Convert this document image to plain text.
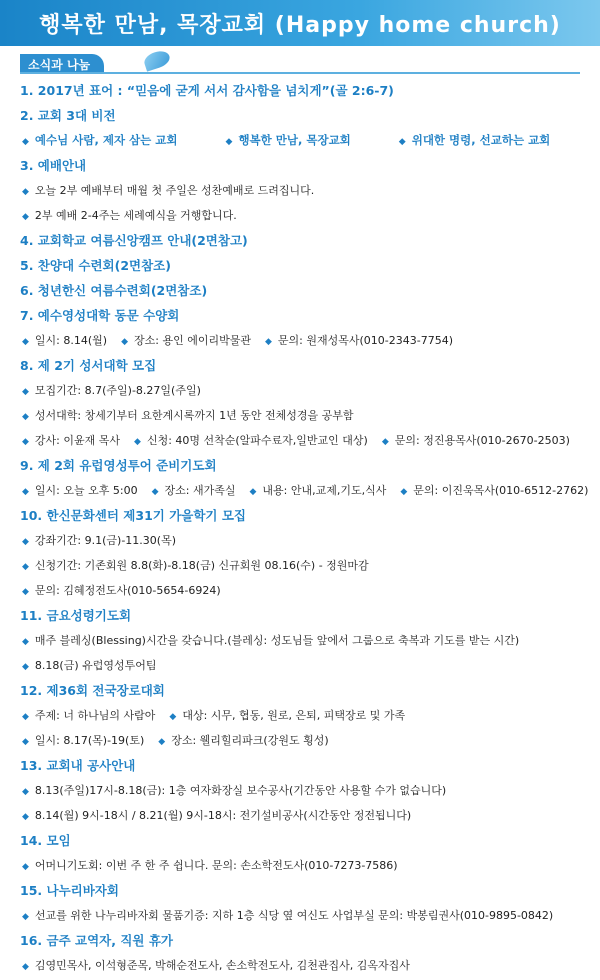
행복한 만남, 목장교회 (Happy home church)
소식과 나눔
1. 2017년 표어 : “믿음에 굳게 서서 감사함을 넘치게”(골 2:6-7)
2. 교회 3대 비전
◆ 예수님 사람, 제자 삼는 교회	◆ 행복한 만남, 목장교회	◆ 위대한 명령, 선교하는 교회
3. 예배안내
◆ 오늘 2부 예배부터 매월 첫 주일은 성찬예배로 드려집니다.
◆ 2부 예배 2-4주는 세례예식을 거행합니다.
4. 교회학교 여름신앙캠프 안내(2면참고)
5. 찬양대 수련회(2면참조)
6. 청년한신 여름수련회(2면참조)
7. 예수영성대학 동문 수양회
◆ 일시: 8.14(월) ◆ 장소: 용인 에이리박물관 ◆ 문의: 원재성목사(010-2343-7754)
8. 제 2기 성서대학 모집
◆ 모집기간: 8.7(주일)-8.27일(주일)
◆ 성서대학: 창세기부터 요한계시록까지 1년 동안 전체성경을 공부함
◆ 강사: 이윤재 목사 ◆ 신청: 40명 선착순(알파수료자,일반교인 대상) ◆ 문의: 정진용목사(010-2670-2503)
9. 제 2회 유럽영성투어 준비기도회
◆ 일시: 오늘 오후 5:00 ◆ 장소: 새가족실 ◆ 내용: 안내,교제,기도,식사 ◆ 문의: 이진욱목사(010-6512-2762)
10. 한신문화센터 제31기 가을학기 모집
◆ 강좌기간: 9.1(금)-11.30(목)
◆ 신청기간: 기존회원 8.8(화)-8.18(금) 신규회원 08.16(수) - 정원마감
◆ 문의: 김혜정전도사(010-5654-6924)
11. 금요성령기도회
◆ 매주 블레싱(Blessing)시간을 갖습니다.(블레싱: 성도님들 앞에서 그룹으로 축복과 기도를 받는 시간)
◆ 8.18(금) 유럽영성투어팀
12. 제36회 전국장로대회
◆ 주제: 너 하나님의 사람아 ◆ 대상: 시무, 협동, 원로, 은퇴, 피택장로 및 가족
◆ 일시: 8.17(목)-19(토) ◆ 장소: 웰리힐리파크(강원도 횡성)
13. 교회내 공사안내
◆ 8.13(주일)17시-8.18(금): 1층 여자화장실 보수공사(기간동안 사용할 수가 없습니다)
◆ 8.14(월) 9시-18시 / 8.21(월) 9시-18시: 전기설비공사(시간동안 정전됩니다)
14. 모임
◆ 어머니기도회: 이번 주 한 주 쉽니다. 문의: 손소학전도사(010-7273-7586)
15. 나누리바자회
◆ 선교를 위한 나누리바자회 물품기증: 지하 1층 식당 옆 여신도 사업부실 문의: 박봉림권사(010-9895-0842)
16. 금주 교역자, 직원 휴가
◆ 김영민목사, 이석형준목, 박해순전도사, 손소학전도사, 김천관집사, 김옥자집사
